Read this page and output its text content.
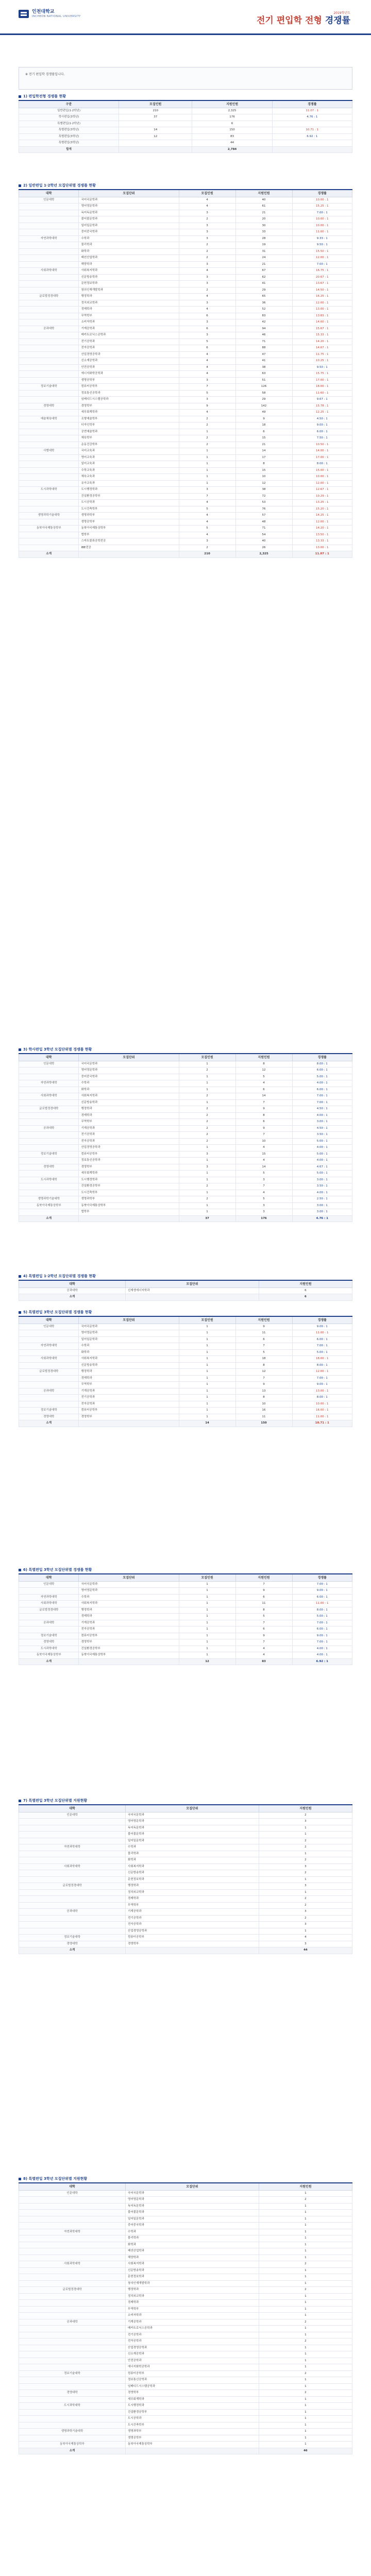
인천대학교
INCHEON NATIONAL UNIVERSITY
2019학년도
전기 편입학 전형 경쟁률
※ 전기 편입학 경쟁률입니다.
1) 편입학전형 경쟁률 현황
구분	모집인원	지원인원	경쟁률
일반편입(1·2학년)	210	2,325	11.07 : 1
학사편입(3학년)	37	176	4.76 : 1
특별편입(1·2학년)		6	
특별편입(3학년)	14	150	10.71 : 1
특별편입(3학년)	12	83	6.92 : 1
특별편입(3학년)		44	
합계		2,784	
2) 일반편입 1·2학년 모집단위별 경쟁률 현황
대학	모집단위	모집인원	지원인원	경쟁률
인문대학	국어국문학과	4	40	10.00 : 1
	영어영문학과	4	61	15.25 : 1
	독어독문학과	3	21	7.00 : 1
	불어불문학과	2	20	10.00 : 1
	일어일문학과	3	30	10.00 : 1
	중어중국학과	3	33	11.00 : 1
자연과학대학	수학과	3	28	9.33 : 1
	물리학과	2	19	9.50 : 1
	화학과	2	31	15.50 : 1
	패션산업학과	2	24	12.00 : 1
	해양학과	3	21	7.00 : 1
사회과학대학	사회복지학과	4	67	16.75 : 1
	신문방송학과	3	62	20.67 : 1
	문헌정보학과	3	41	13.67 : 1
	창의인재개발학과	2	29	14.50 : 1
글로벌정경대학	행정학과	4	65	16.25 : 1
	정치외교학과	3	36	12.00 : 1
	경제학과	4	52	13.00 : 1
	무역학부	6	83	13.83 : 1
	소비자학과	3	42	14.00 : 1
공과대학	기계공학과	6	94	15.67 : 1
	메카트로닉스공학과	3	46	15.33 : 1
	전기공학과	5	71	14.20 : 1
	전자공학과	6	88	14.67 : 1
	산업경영공학과	4	47	11.75 : 1
	신소재공학과	4	41	10.25 : 1
	안전공학과	4	38	9.50 : 1
	에너지화학공학과	4	63	15.75 : 1
	생명공학부	3	51	17.00 : 1
정보기술대학	컴퓨터공학부	7	126	18.00 : 1
	정보통신공학과	5	58	11.60 : 1
	임베디드시스템공학과	3	29	9.67 : 1
경영대학	경영학부	9	142	15.78 : 1
	세무회계학과	4	49	12.25 : 1
예술체육대학	조형예술학부	2	9	4.50 : 1
	디자인학부	2	18	9.00 : 1
	공연예술학과	1	6	6.00 : 1
	체육학부	2	15	7.50 : 1
	운동건강학부	2	21	10.50 : 1
사범대학	국어교육과	1	14	14.00 : 1
	영어교육과	1	17	17.00 : 1
	일어교육과	1	8	8.00 : 1
	수학교육과	1	15	15.00 : 1
	체육교육과	1	10	10.00 : 1
	유아교육과	1	12	12.00 : 1
도시과학대학	도시행정학과	3	38	12.67 : 1
	건설환경공학부	7	72	10.29 : 1
	도시공학과	4	53	13.25 : 1
	도시건축학부	5	76	15.20 : 1
생명과학기술대학	생명과학부	4	57	14.25 : 1
	생명공학부	4	48	12.00 : 1
동북아국제통상학부	동북아국제통상학부	5	71	14.20 : 1
	법학부	4	54	13.50 : 1
	스마트물류공학전공	3	40	13.33 : 1
	IBE전공	2	26	13.00 : 1
소계		210	2,325	11.07 : 1
3) 학사편입 3학년 모집단위별 경쟁률 현황
대학	모집단위	모집인원	지원인원	경쟁률
인문대학	국어국문학과	1	8	8.00 : 1
	영어영문학과	2	12	6.00 : 1
	중어중국학과	1	5	5.00 : 1
자연과학대학	수학과	1	4	4.00 : 1
	화학과	1	6	6.00 : 1
사회과학대학	사회복지학과	2	14	7.00 : 1
	신문방송학과	1	7	7.00 : 1
글로벌정경대학	행정학과	2	9	4.50 : 1
	경제학과	2	8	4.00 : 1
	무역학부	2	6	3.00 : 1
공과대학	기계공학과	2	9	4.50 : 1
	전기공학과	2	7	3.50 : 1
	전자공학과	2	10	5.00 : 1
	산업경영공학과	1	4	4.00 : 1
정보기술대학	컴퓨터공학부	3	15	5.00 : 1
	정보통신공학과	1	4	4.00 : 1
경영대학	경영학부	3	14	4.67 : 1
	세무회계학과	1	5	5.00 : 1
도시과학대학	도시행정학과	1	3	3.00 : 1
	건설환경공학부	2	7	3.50 : 1
	도시건축학부	1	4	4.00 : 1
생명과학기술대학	생명과학부	2	5	2.50 : 1
동북아국제통상학부	동북아국제통상학부	1	3	3.00 : 1
	법학부	1	3	3.00 : 1
소계		37	176	4.76 : 1
4) 특별편입 1·2학년 모집단위별 경쟁률 현황
대학	모집단위	지원인원
공과대학	신재생에너지학과	6
소계		6
5) 특별편입 3학년 모집단위별 경쟁률 현황
대학	모집단위	모집인원	지원인원	경쟁률
인문대학	국어국문학과	1	9	9.00 : 1
	영어영문학과	1	11	11.00 : 1
	일어일문학과	1	6	6.00 : 1
자연과학대학	수학과	1	7	7.00 : 1
	화학과	1	5	5.00 : 1
사회과학대학	사회복지학과	1	18	18.00 : 1
	신문방송학과	1	8	8.00 : 1
글로벌정경대학	행정학과	1	12	12.00 : 1
	경제학과	1	7	7.00 : 1
	무역학부	1	9	9.00 : 1
공과대학	기계공학과	1	13	13.00 : 1
	전기공학과	1	8	8.00 : 1
	전자공학과	1	10	10.00 : 1
정보기술대학	컴퓨터공학부	1	16	16.00 : 1
경영대학	경영학부	1	11	11.00 : 1
소계		14	150	10.71 : 1
6) 특별편입 3학년 모집단위별 경쟁률 현황
대학	모집단위	모집인원	지원인원	경쟁률
인문대학	국어국문학과	1	7	7.00 : 1
	영어영문학과	1	9	9.00 : 1
자연과학대학	수학과	1	6	6.00 : 1
사회과학대학	사회복지학과	1	11	11.00 : 1
글로벌정경대학	행정학과	1	8	8.00 : 1
	경제학과	1	5	5.00 : 1
공과대학	기계공학과	1	7	7.00 : 1
	전자공학과	1	6	6.00 : 1
정보기술대학	컴퓨터공학부	1	9	9.00 : 1
경영대학	경영학부	1	7	7.00 : 1
도시과학대학	건설환경공학부	1	4	4.00 : 1
동북아국제통상학부	동북아국제통상학부	1	4	4.00 : 1
소계		12	83	6.92 : 1
7) 특별편입 3학년 모집단위별 지원현황
대학	모집단위	지원인원
인문대학	국어국문학과	2
	영어영문학과	3
	독어독문학과	1
	불어불문학과	1
	일어일문학과	2
자연과학대학	수학과	2
	물리학과	1
	화학과	2
사회과학대학	사회복지학과	3
	신문방송학과	2
	문헌정보학과	1
글로벌정경대학	행정학과	3
	정치외교학과	1
	경제학과	2
	무역학부	2
공과대학	기계공학과	3
	전기공학과	2
	전자공학과	3
	산업경영공학과	1
정보기술대학	컴퓨터공학부	4
경영대학	경영학부	3
소계		44
8) 특별편입 3학년 모집단위별 지원현황
대학	모집단위	지원인원
인문대학	국어국문학과	1
	영어영문학과	2
	독어독문학과	1
	불어불문학과	1
	일어일문학과	1
	중어중국학과	1
자연과학대학	수학과	1
	물리학과	1
	화학과	1
	패션산업학과	1
	해양학과	1
사회과학대학	사회복지학과	2
	신문방송학과	1
	문헌정보학과	1
	창의인재개발학과	1
글로벌정경대학	행정학과	2
	정치외교학과	1
	경제학과	1
	무역학부	1
	소비자학과	1
공과대학	기계공학과	2
	메카트로닉스공학과	1
	전기공학과	1
	전자공학과	2
	산업경영공학과	1
	신소재공학과	1
	안전공학과	1
	에너지화학공학과	1
정보기술대학	컴퓨터공학부	2
	정보통신공학과	1
	임베디드시스템공학과	1
경영대학	경영학부	2
	세무회계학과	1
도시과학대학	도시행정학과	1
	건설환경공학부	1
	도시공학과	1
	도시건축학부	1
생명과학기술대학	생명과학부	1
	생명공학부	1
동북아국제통상학부	동북아국제통상학부	1
소계		46
